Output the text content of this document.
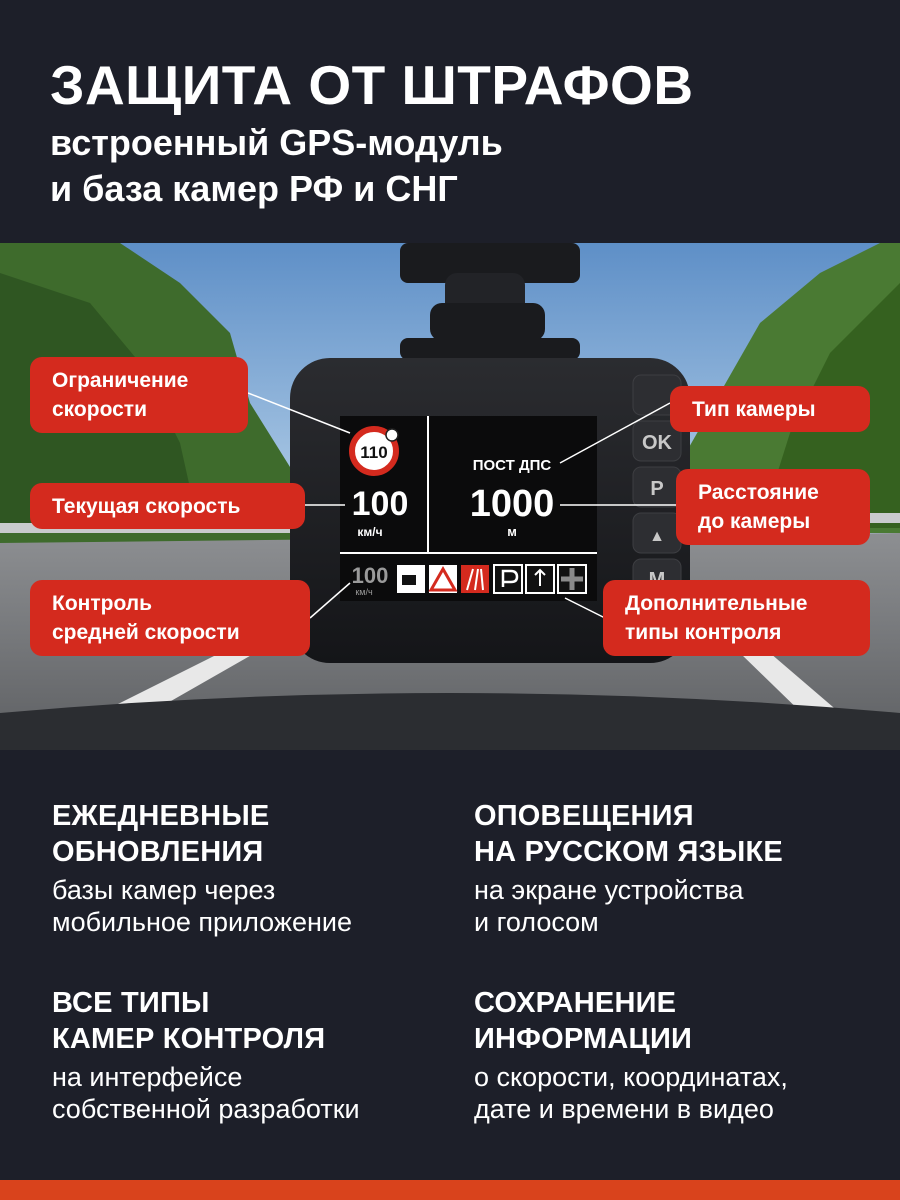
ЗАЩИТА ОТ ШТРАФОВ
встроенный GPS-модуль
и база камер РФ и СНГ
OK
P
▲
110
100
км/ч
ПОСТ ДПС
1000
м
100
км/ч
Ограничение
скорости
Текущая скорость
Контроль
средней скорости
Тип камеры
Расстояние
до камеры
Дополнительные
типы контроля
ЕЖЕДНЕВНЫЕ
ОБНОВЛЕНИЯ
базы камер через
мобильное приложение
ОПОВЕЩЕНИЯ
НА РУССКОМ ЯЗЫКЕ
на экране устройства
и голосом
ВСЕ ТИПЫ
КАМЕР КОНТРОЛЯ
на интерфейсе
собственной разработки
СОХРАНЕНИЕ
ИНФОРМАЦИИ
о скорости, координатах,
дате и времени в видео
